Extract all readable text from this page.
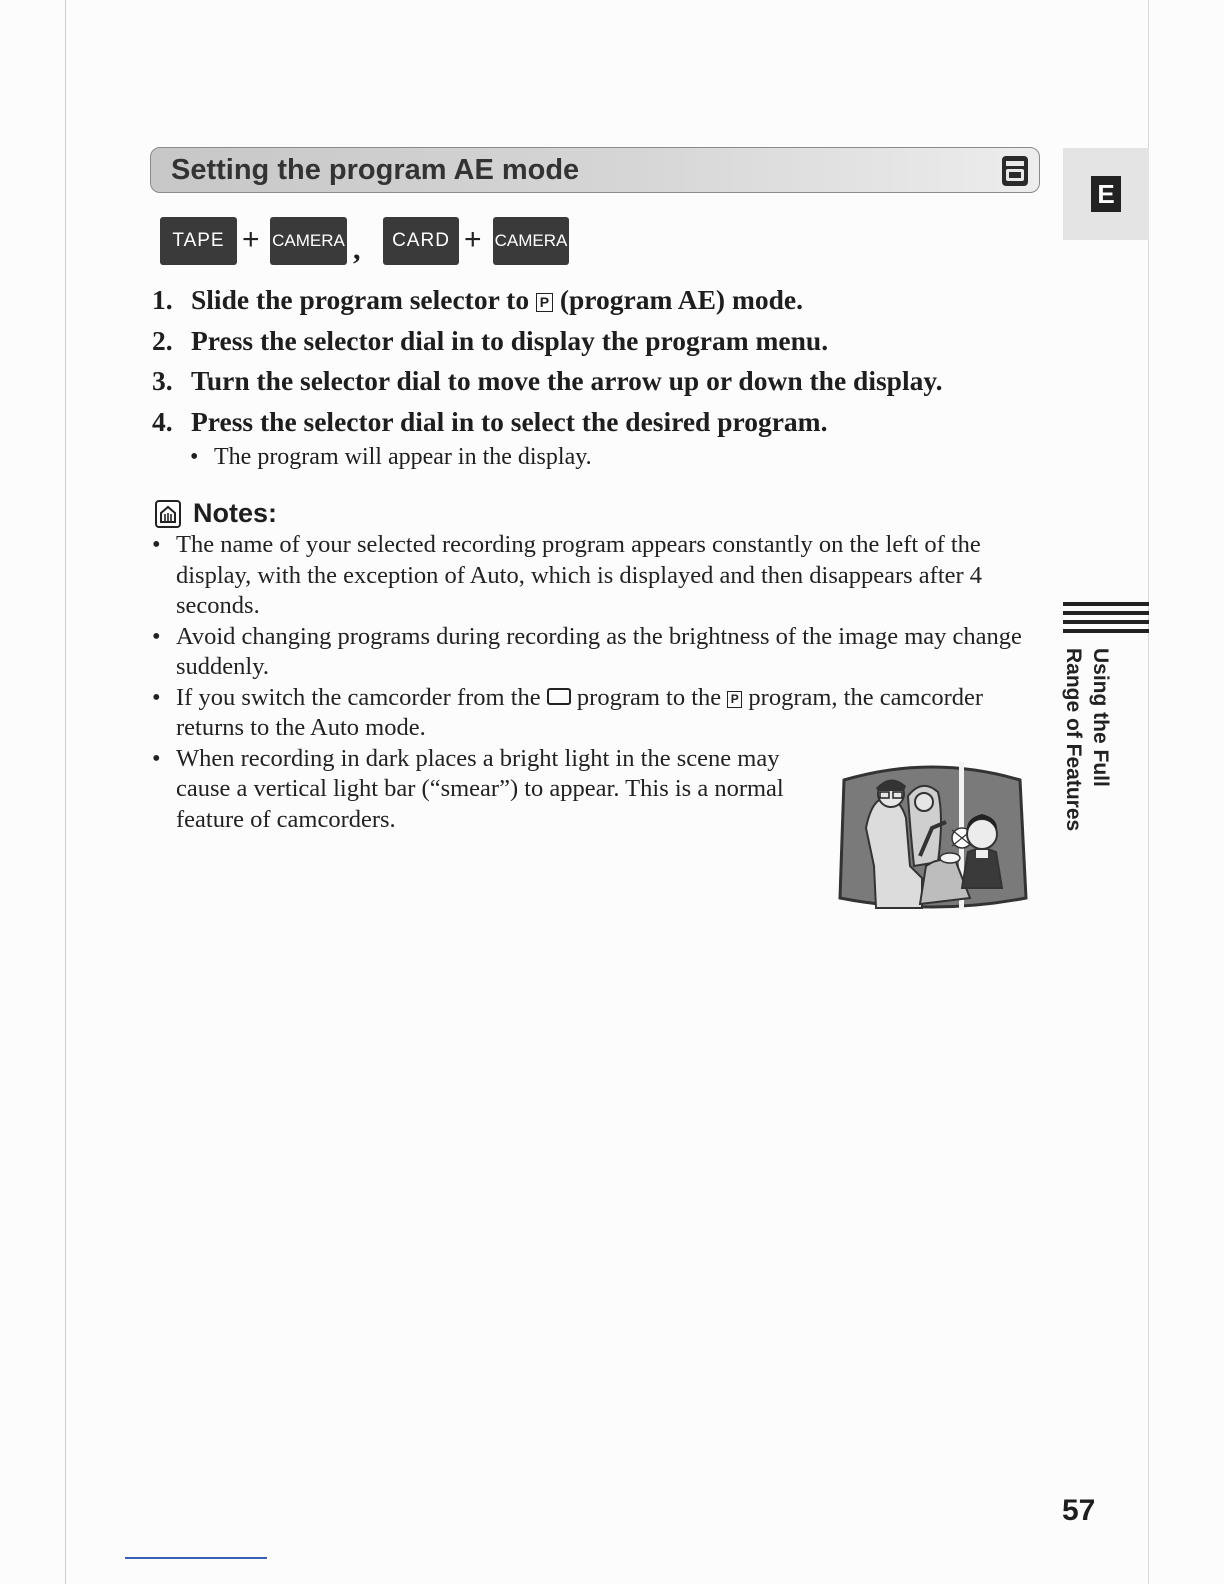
Setting the program AE mode
E
TAPE + CAMERA ,	CARD + CAMERA
1. Slide the program selector to P (program AE) mode.
2. Press the selector dial in to display the program menu.
3. Turn the selector dial to move the arrow up or down the display.
4. Press the selector dial in to select the desired program.
• The program will appear in the display.
Notes:
• The name of your selected recording program appears constantly on the left of the display, with the exception of Auto, which is displayed and then disappears after 4 seconds.
• Avoid changing programs during recording as the brightness of the image may change suddenly.
• If you switch the camcorder from the program to the P program, the camcorder returns to the Auto mode.
• When recording in dark places a bright light in the scene may cause a vertical light bar (“smear”) to appear. This is a normal feature of camcorders.
Using the Full
Range of Features
57
